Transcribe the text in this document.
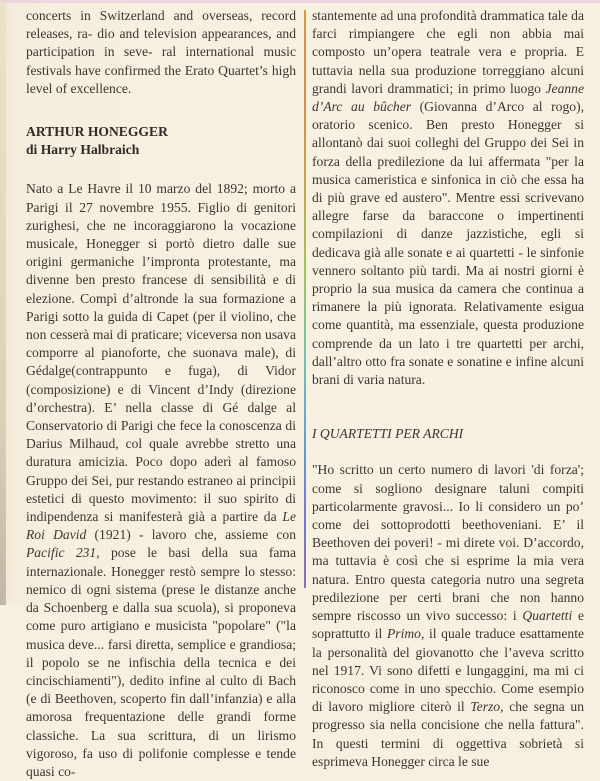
concerts in Switzerland and overseas, record releases, ra- dio and television appearances, and participation in seve- ral international music festivals have confirmed the Erato Quartet’s high level of excellence.

ARTHUR HONEGGER
di Harry Halbraich

Nato a Le Havre il 10 marzo del 1892; morto a Parigi il 27 novembre 1955. Figlio di genitori zurighesi, che ne incoraggiarono la vocazione musicale, Honegger si portò dietro dalle sue origini germaniche l’impronta protestante, ma divenne ben presto francese di sensibilità e di elezione. Compì d’altronde la sua formazione a Parigi sotto la guida di Capet (per il violino, che non cesserà mai di praticare; viceversa non usava comporre al pianoforte, che suonava male), di Gédalge(contrappunto e fuga), di Vidor (composizione) e di Vincent d’Indy (direzione d’orchestra). E’ nella classe di Gé dalge al Conservatorio di Parigi che fece la conoscenza di Darius Milhaud, col quale avrebbe stretto una duratura amicizia. Poco dopo aderì al famoso Gruppo dei Sei, pur restando estraneo ai principii estetici di questo movimento: il suo spirito di indipendenza si manifesterà già a partire da Le Roi David (1921) - lavoro che, assieme con Pacific 231, pose le basi della sua fama internazionale. Honegger restò sempre lo stesso: nemico di ogni sistema (prese le distanze anche da Schoenberg e dalla sua scuola), si proponeva come puro artigiano e musicista "popolare" ("la musica deve... farsi diretta, semplice e grandiosa; il popolo se ne infischia della tecnica e dei cincischiamenti"), dedito infine al culto di Bach (e di Beethoven, scoperto fin dall’infanzia) e alla amorosa frequentazione delle grandi forme classiche. La sua scrittura, di un lirismo vigoroso, fa uso di polifonie complesse e tende quasi co-

stantemente ad una profondità drammatica tale da farci rimpiangere che egli non abbia mai composto un’opera teatrale vera e propria. E tuttavia nella sua produzione torreggiano alcuni grandi lavori drammatici; in primo luogo Jeanne d’Arc au bûcher (Giovanna d’Arco al rogo), oratorio scenico. Ben presto Honegger si allontanò dai suoi colleghi del Gruppo dei Sei in forza della predilezione da lui affermata "per la musica cameristica e sinfonica in ciò che essa ha di più grave ed austero". Mentre essi scrivevano allegre farse da baraccone o impertinenti compilazioni di danze jazzistiche, egli si dedicava già alle sonate e ai quartetti - le sinfonie vennero soltanto più tardi. Ma ai nostri giorni è proprio la sua musica da camera che continua a rimanere la più ignorata. Relativamente esigua come quantità, ma essenziale, questa produzione comprende da un lato i tre quartetti per archi, dall’altro otto fra sonate e sonatine e infine alcuni brani di varia natura.

I QUARTETTI PER ARCHI

"Ho scritto un certo numero di lavori 'di forza'; come si sogliono designare taluni compiti particolarmente gravosi... Io li considero un po’ come dei sottoprodotti beethoveniani. E’ il Beethoven dei poveri! - mi direte voi. D’accordo, ma tuttavia è così che si esprime la mia vera natura. Entro questa categoria nutro una segreta predilezione per certi brani che non hanno sempre riscosso un vivo successo: i Quartetti e soprattutto il Primo, il quale traduce esattamente la personalità del giovanotto che l’aveva scritto nel 1917. Vi sono difetti e lungaggini, ma mi ci riconosco come in uno specchio. Come esempio di lavoro migliore citerò il Terzo, che segna un progresso sia nella concisione che nella fattura". In questi termini di oggettiva sobrietà si esprimeva Honegger circa le sue
